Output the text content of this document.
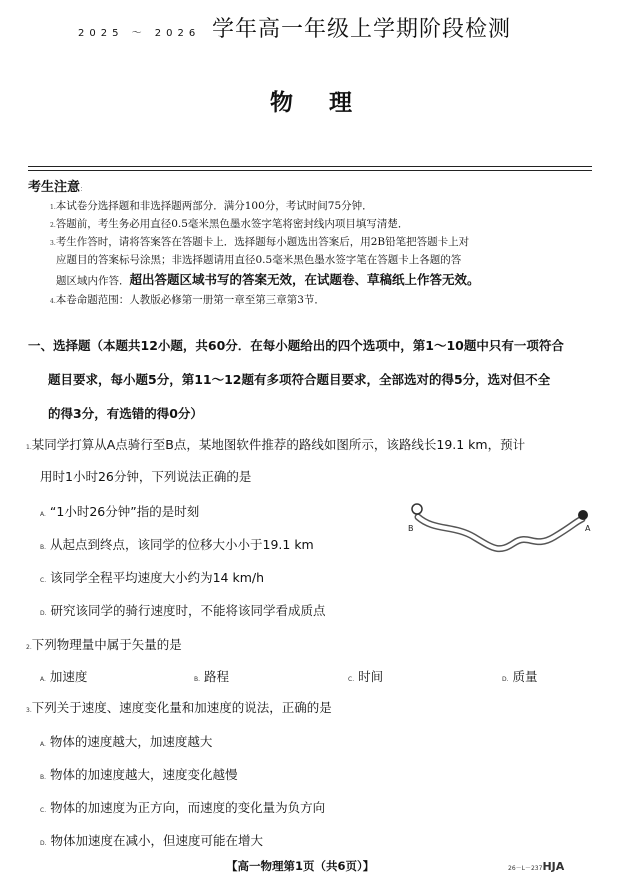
2025 ～ 2026 学年高一年级上学期阶段检测
物 理
考生注意：
1.本试卷分选择题和非选择题两部分．满分100分，考试时间75分钟．
2.答题前，考生务必用直径0.5毫米黑色墨水签字笔将密封线内项目填写清楚．
3.考生作答时，请将答案答在答题卡上．选择题每小题选出答案后，用2B铅笔把答题卡上对
应题目的答案标号涂黑；非选择题请用直径0.5毫米黑色墨水签字笔在答题卡上各题的答
题区域内作答．超出答题区域书写的答案无效，在试题卷、草稿纸上作答无效。
4.本卷命题范围：人教版必修第一册第一章至第三章第3节．
一、选择题（本题共12小题，共60分．在每小题给出的四个选项中，第1～10题中只有一项符合
题目要求，每小题5分，第11～12题有多项符合题目要求，全部选对的得5分，选对但不全
的得3分，有选错的得0分）
1.某同学打算从A点骑行至B点，某地图软件推荐的路线如图所示，该路线长19.1 km，预计
用时1小时26分钟，下列说法正确的是
A. “1小时26分钟”指的是时刻
B. 从起点到终点，该同学的位移大小小于19.1 km
C. 该同学全程平均速度大小约为14 km/h
D. 研究该同学的骑行速度时，不能将该同学看成质点
B	A
2.下列物理量中属于矢量的是
A. 加速度	B. 路程	C. 时间	D. 质量
3.下列关于速度、速度变化量和加速度的说法，正确的是
A. 物体的速度越大，加速度越大
B. 物体的加速度越大，速度变化越慢
C. 物体的加速度为正方向，而速度的变化量为负方向
D. 物体加速度在减小，但速度可能在增大
【高一物理第1页（共6页）】	26－L－237HJA
